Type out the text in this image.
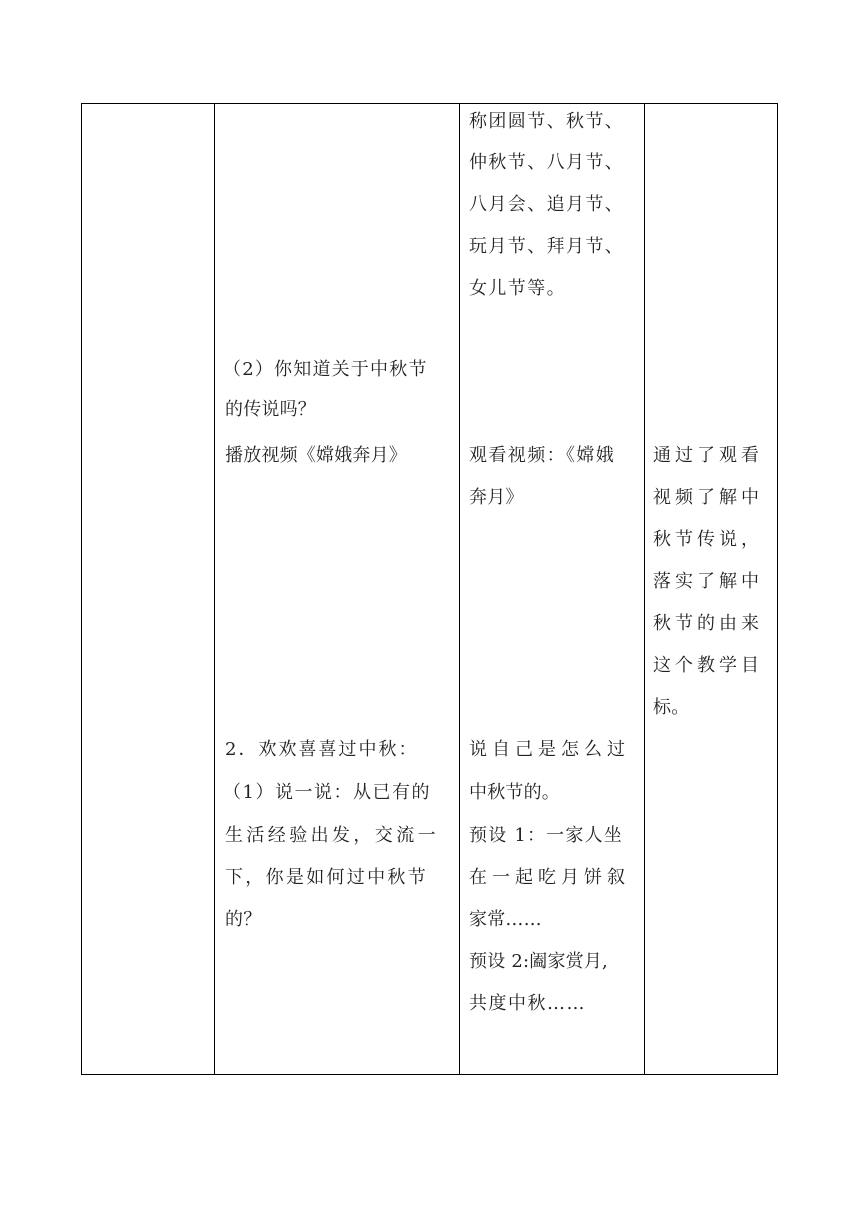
（2）你知道关于中秋节
的传说吗？
播放视频《嫦娥奔月》
2．欢欢喜喜过中秋：
（1）说一说：从已有的
生活经验出发，交流一
下，你是如何过中秋节
的？
称团圆节、秋节、
仲秋节、八月节、
八月会、追月节、
玩月节、拜月节、
女儿节等。
观看视频：《嫦娥
奔月》
说自己是怎么过
中秋节的。
预设 1：一家人坐
在一起吃月饼叙
家常……
预设 2:阖家赏月,
共度中秋……
通过了观看
视频了解中
秋节传说，
落实了解中
秋节的由来
这个教学目
标。
